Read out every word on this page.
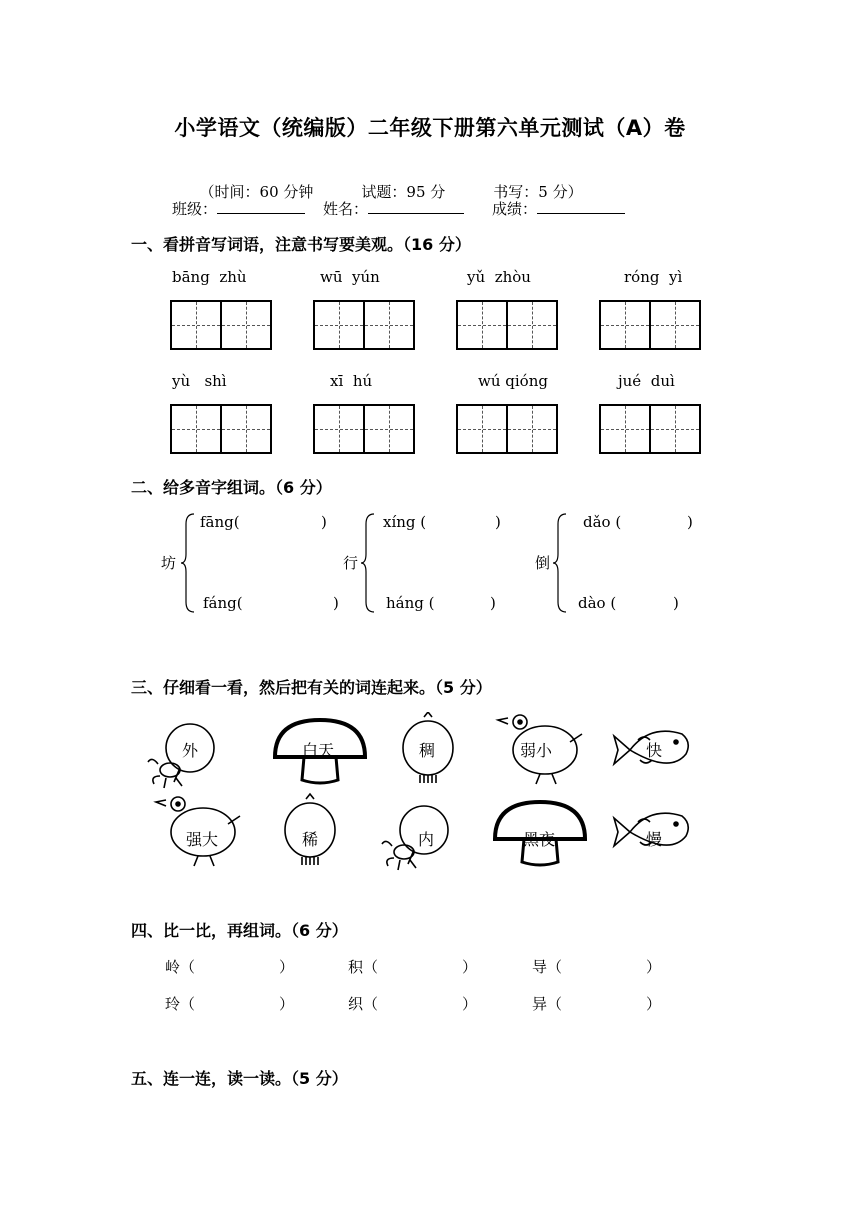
小学语文（统编版）二年级下册第六单元测试（A）卷

（时间：60 分钟	试题：95 分	书写：5 分）

班级：	姓名：	成绩：
一、看拼音写词语，注意书写要美观。（16 分）
bāng zhù	wū yún	yǔ zhòu	róng yì
yù shì	xī hú	wú qióng	jué duì
二、给多音字组词。（6 分）
坊
fāng(	)
fáng(	)
行
xíng (	)
háng (	)
倒
dǎo (	)
dào (	)
三、仔细看一看，然后把有关的词连起来。（5 分）
外	白天	稠	弱小	快
强大	稀	内	黑夜	慢
四、比一比，再组词。（6 分）
岭（	）	积（	）	导（	）
玲（	）	织（	）	异（	）
五、连一连，读一读。（5 分）
